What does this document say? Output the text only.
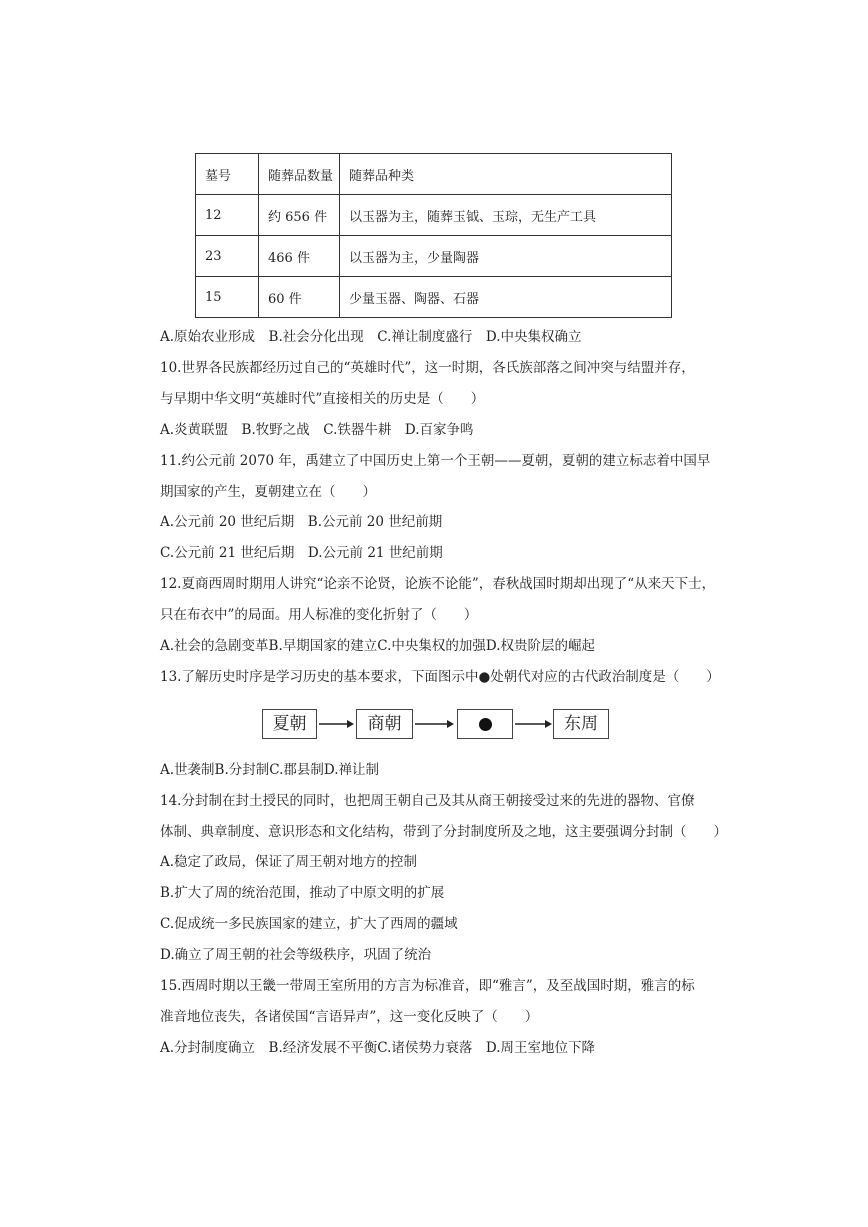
墓号	随葬品数量	随葬品种类
12	约 656 件	以玉器为主，随葬玉钺、玉琮，无生产工具
23	466 件	以玉器为主，少量陶器
15	60 件	少量玉器、陶器、石器
A.原始农业形成　B.社会分化出现　C.禅让制度盛行　D.中央集权确立
10.世界各民族都经历过自己的“英雄时代”，这一时期，各氏族部落之间冲突与结盟并存，
与早期中华文明“英雄时代”直接相关的历史是（　　）
A.炎黄联盟　B.牧野之战　C.铁器牛耕　D.百家争鸣
11.约公元前 2070 年，禹建立了中国历史上第一个王朝——夏朝，夏朝的建立标志着中国早
期国家的产生，夏朝建立在（　　）
A.公元前 20 世纪后期　B.公元前 20 世纪前期
C.公元前 21 世纪后期　D.公元前 21 世纪前期
12.夏商西周时期用人讲究“论亲不论贤，论族不论能”，春秋战国时期却出现了“从来天下士，
只在布衣中”的局面。用人标准的变化折射了（　　）
A.社会的急剧变革B.早期国家的建立C.中央集权的加强D.权贵阶层的崛起
13.了解历史时序是学习历史的基本要求，下面图示中●处朝代对应的古代政治制度是（　　）
夏朝	商朝	东周
A.世袭制B.分封制C.郡县制D.禅让制
14.分封制在封土授民的同时，也把周王朝自己及其从商王朝接受过来的先进的器物、官僚
体制、典章制度、意识形态和文化结构，带到了分封制度所及之地，这主要强调分封制（　　）
A.稳定了政局，保证了周王朝对地方的控制
B.扩大了周的统治范围，推动了中原文明的扩展
C.促成统一多民族国家的建立，扩大了西周的疆域
D.确立了周王朝的社会等级秩序，巩固了统治
15.西周时期以王畿一带周王室所用的方言为标准音，即“雅言”，及至战国时期，雅言的标
准音地位丧失，各诸侯国“言语异声”，这一变化反映了（　　）
A.分封制度确立　B.经济发展不平衡C.诸侯势力衰落　D.周王室地位下降
